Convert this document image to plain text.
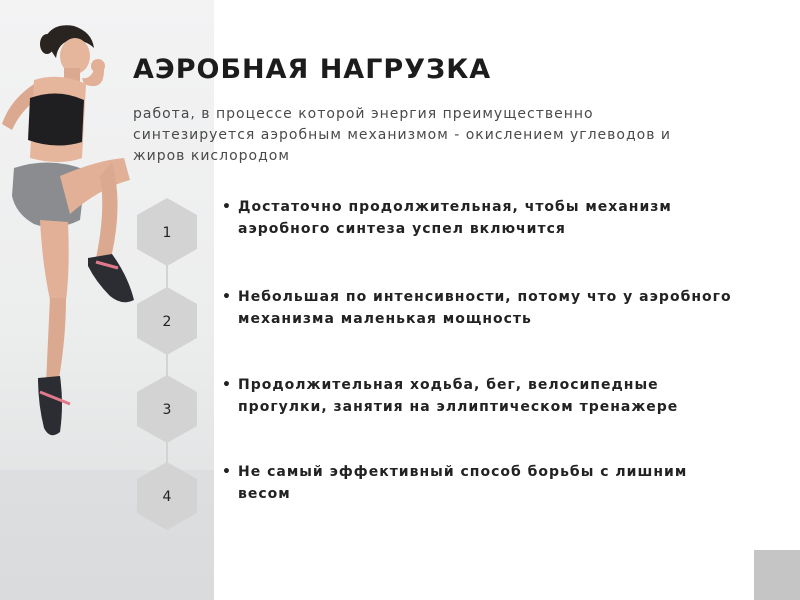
АЭРОБНАЯ НАГРУЗКА
работа, в процессе которой энергия преимущественно синтезируется аэробным механизмом - окислением углеводов и жиров кислородом
1
2
3
4
• Достаточно продолжительная, чтобы механизм аэробного синтеза успел включится
• Небольшая по интенсивности, потому что у аэробного механизма маленькая мощность
• Продолжительная ходьба, бег, велосипедные прогулки, занятия на эллиптическом тренажере
• Не самый эффективный способ борьбы с лишним весом
